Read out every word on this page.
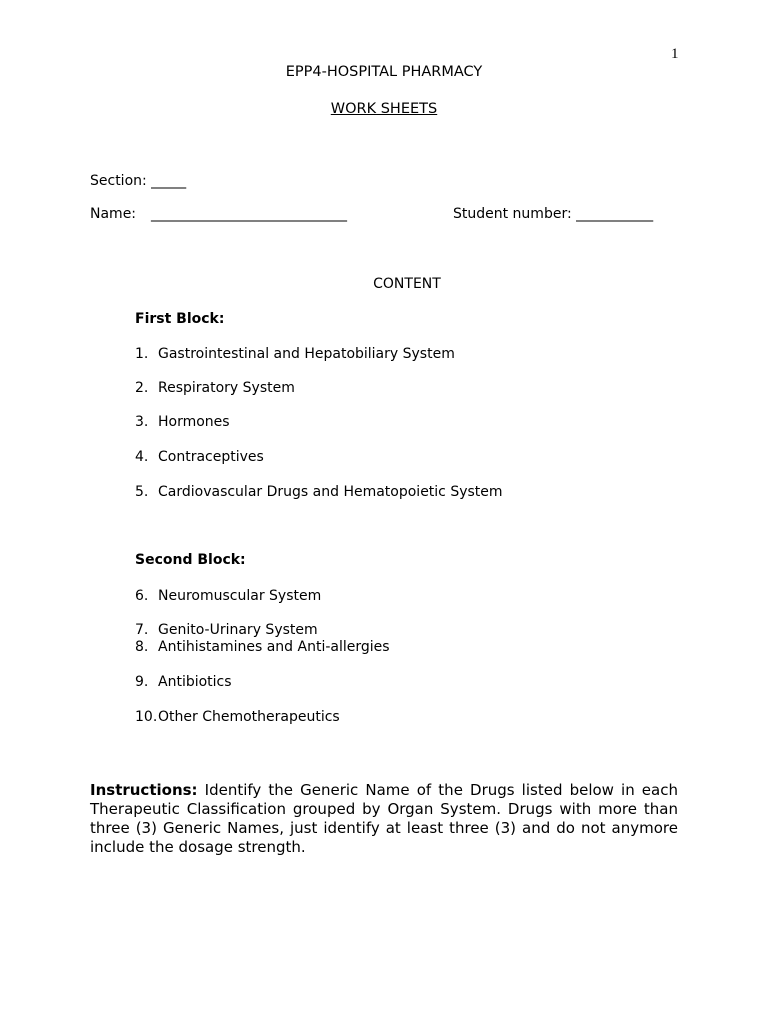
1
EPP4-HOSPITAL PHARMACY
WORK SHEETS
Section: _____
Name: ____________________________	Student number: ___________
CONTENT
First Block:
1. Gastrointestinal and Hepatobiliary System
2. Respiratory System
3. Hormones
4. Contraceptives
5. Cardiovascular Drugs and Hematopoietic System
Second Block:
6. Neuromuscular System
7. Genito-Urinary System
8. Antihistamines and Anti-allergies
9. Antibiotics
10.Other Chemotherapeutics
Instructions: Identify the Generic Name of the Drugs listed below in each Therapeutic Classification grouped by Organ System. Drugs with more than three (3) Generic Names, just identify at least three (3) and do not anymore include the dosage strength.
